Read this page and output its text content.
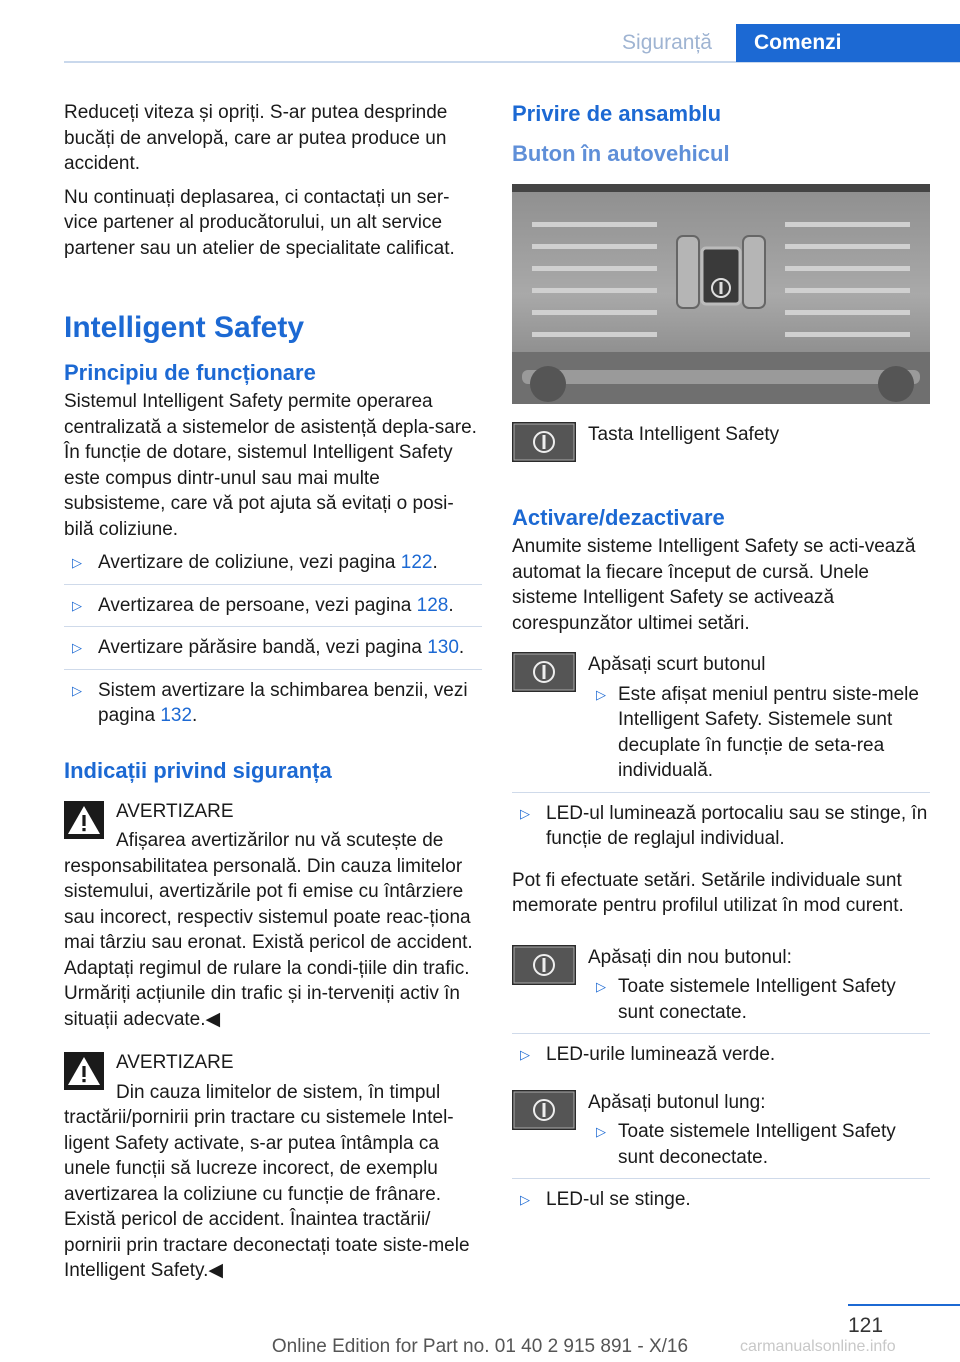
Siguranță	Comenzi

Reduceți viteza și opriți. S-ar putea desprinde bucăți de anvelopă, care ar putea produce un accident.

Nu continuați deplasarea, ci contactați un ser-vice partener al producătorului, un alt service partener sau un atelier de specialitate calificat.

Intelligent Safety
Principiu de funcționare

Sistemul Intelligent Safety permite operarea centralizată a sistemelor de asistență depla-sare. În funcție de dotare, sistemul Intelligent Safety este compus dintr-unul sau mai multe subsisteme, care vă pot ajuta să evitați o posi-bilă coliziune.

▷ Avertizare de coliziune, vezi pagina 122.
▷ Avertizarea de persoane, vezi pagina 128.
▷ Avertizare părăsire bandă, vezi pagina 130.
▷ Sistem avertizare la schimbarea benzii, vezi pagina 132.
Indicații privind siguranța
AVERTIZARE
Afișarea avertizărilor nu vă scutește de
responsabilitatea personală. Din cauza limitelor sistemului, avertizările pot fi emise cu întârziere sau incorect, respectiv sistemul poate reac-ționa mai târziu sau eronat. Există pericol de accident. Adaptați regimul de rulare la condi-țiile din trafic. Urmăriți acțiunile din trafic și in-terveniți activ în situații adecvate.◀
AVERTIZARE
Din cauza limitelor de sistem, în timpul
tractării/pornirii prin tractare cu sistemele Intel-ligent Safety activate, s-ar putea întâmpla ca unele funcții să lucreze incorect, de exemplu avertizarea la coliziune cu funcție de frânare. Există pericol de accident. Înaintea tractării/ pornirii prin tractare deconectați toate siste-mele Intelligent Safety.◀
Privire de ansamblu
Buton în autovehicul
Tasta Intelligent Safety
Activare/dezactivare

Anumite sisteme Intelligent Safety se acti-vează automat la fiecare început de cursă. Unele sisteme Intelligent Safety se activează corespunzător ultimei setări.

Apăsați scurt butonul
▷ Este afișat meniul pentru siste-mele Intelligent Safety. Sistemele sunt decuplate în funcție de seta-rea individuală.
▷ LED-ul luminează portocaliu sau se stinge, în funcție de reglajul individual.

Pot fi efectuate setări. Setările individuale sunt memorate pentru profilul utilizat în mod curent.

Apăsați din nou butonul:
▷ Toate sistemele Intelligent Safety sunt conectate.
▷ LED-urile luminează verde.
Apăsați butonul lung:
▷ Toate sistemele Intelligent Safety sunt deconectate.
▷ LED-ul se stinge.
121
Online Edition for Part no. 01 40 2 915 891 - X/16	carmanualsonline.info
